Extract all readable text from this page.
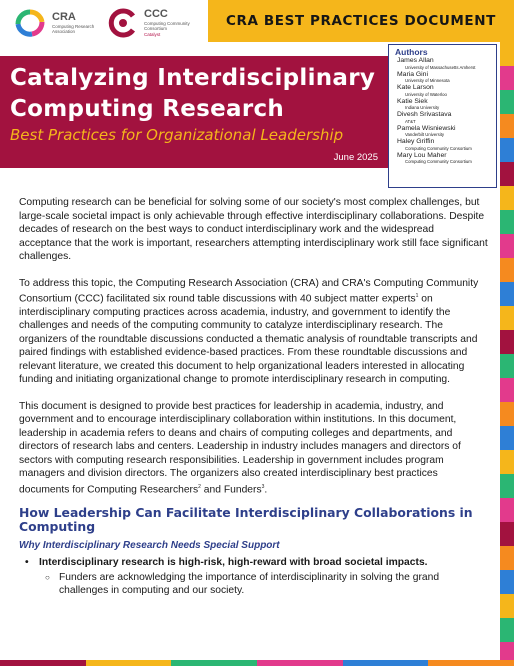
CRA
Computing Research Association
CCC
Computing Community Consortium
Catalyst
CRA BEST PRACTICES DOCUMENT
Catalyzing Interdisciplinary Computing Research

Best Practices for Organizational Leadership

June 2025

Authors

James Allan
University of Massachusetts Amherst
Maria Gini
University of Minnesota
Kate Larson
University of Waterloo
Katie Siek
Indiana University
Divesh Srivastava
AT&T
Pamela Wisniewski
Vanderbilt University
Haley Griffin
Computing Community Consortium
Mary Lou Maher
Computing Community Consortium

Computing research can be beneficial for solving some of our society's most complex challenges, but large-scale societal impact is only achievable through effective interdisciplinary collaborations. Despite decades of research on the best ways to conduct interdisciplinary work and the widespread acceptance that the work is important, researchers attempting interdisciplinary work still face significant challenges.

To address this topic, the Computing Research Association (CRA) and CRA's Computing Community Consortium (CCC) facilitated six round table discussions with 40 subject matter experts$^1$ on interdisciplinary computing practices across academia, industry, and government to identify the challenges and needs of the computing community to catalyze interdisciplinary research. The organizers of the roundtable discussions conducted a thematic analysis of roundtable transcripts and paired findings with established evidence-based practices. From these roundtable discussions and relevant literature, we created this document to help organizational leaders interested in allocating funding and initiating organizational change to promote interdisciplinary research in computing.

This document is designed to provide best practices for leadership in academia, industry, and government and to encourage interdisciplinary collaboration within institutions. In this document, leadership in academia refers to deans and chairs of computing colleges and departments, and directors of research labs and centers. Leadership in industry includes managers and directors of sectors with computing research responsibilities. Leadership in government includes program managers and division directors. The organizers also created interdisciplinary best practices documents for Computing Researchers$^2$ and Funders$^3$.

How Leadership Can Facilitate Interdisciplinary Collaborations in Computing
Why Interdisciplinary Research Needs Special Support

• Interdisciplinary research is high-risk, high-reward with broad societal impacts.

○ Funders are acknowledging the importance of interdisciplinarity in solving the grand challenges in computing and our society.
